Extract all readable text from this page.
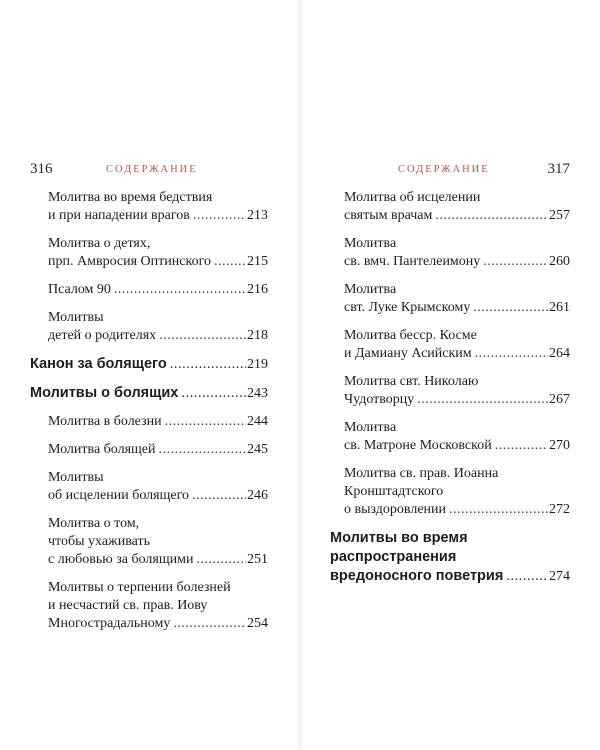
316	СОДЕРЖАНИЕ
Молитва во время бедствия
и при нападении врагов .....	213
Молитва о детях,
прп. Амвросия Оптинского .....	215
Псалом 90 .....	216
Молитвы
детей о родителях .....	218
Канон за болящего .....	219
Молитвы о болящих .....	243
Молитва в болезни .....	244
Молитва болящей .....	245
Молитвы
об исцелении болящего .....	246
Молитва о том,
чтобы ухаживать
с любовью за болящими .....	251
Молитвы о терпении болезней
и несчастий св. прав. Иову
Многострадальному .....	254
СОДЕРЖАНИЕ	317
Молитва об исцелении
святым врачам .....	257
Молитва
св. вмч. Пантелеимону .....	260
Молитва
свт. Луке Крымскому .....	261
Молитва бесср. Косме
и Дамиану Асийским .....	264
Молитва свт. Николаю
Чудотворцу .....	267
Молитва
св. Матроне Московской .....	270
Молитва св. прав. Иоанна
Кронштадтского
о выздоровлении .....	272
Молитвы во время
распространения
вредоносного поветрия .....	274
